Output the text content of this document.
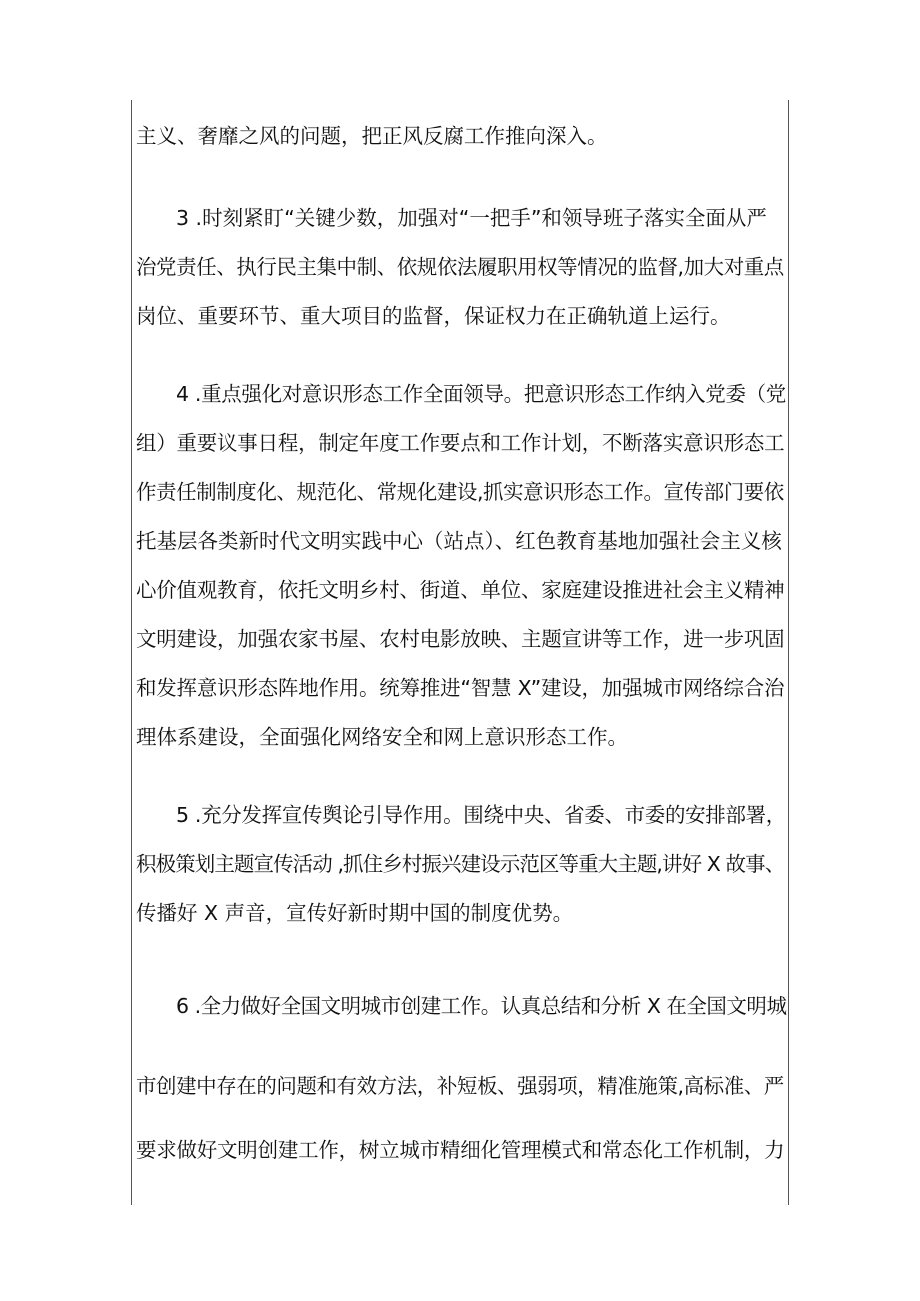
主义、奢靡之风的问题，把正风反腐工作推向深入。
3 .时刻紧盯“关键少数，加强对“一把手”和领导班子落实全面从严
治党责任、执行民主集中制、依规依法履职用权等情况的监督,加大对重点
岗位、重要环节、重大项目的监督，保证权力在正确轨道上运行。
4 .重点强化对意识形态工作全面领导。把意识形态工作纳入党委（党
组）重要议事日程，制定年度工作要点和工作计划，不断落实意识形态工
作责任制制度化、规范化、常规化建设,抓实意识形态工作。宣传部门要依
托基层各类新时代文明实践中心（站点）、红色教育基地加强社会主义核
心价值观教育，依托文明乡村、街道、单位、家庭建设推进社会主义精神
文明建设，加强农家书屋、农村电影放映、主题宣讲等工作，进一步巩固
和发挥意识形态阵地作用。统筹推进“智慧 X”建设，加强城市网络综合治
理体系建设，全面强化网络安全和网上意识形态工作。
5 .充分发挥宣传舆论引导作用。围绕中央、省委、市委的安排部署，
积极策划主题宣传活动 ,抓住乡村振兴建设示范区等重大主题,讲好 X 故事、
传播好 X 声音，宣传好新时期中国的制度优势。
6 .全力做好全国文明城市创建工作。认真总结和分析 X 在全国文明城
市创建中存在的问题和有效方法，补短板、强弱项，精准施策,高标准、严
要求做好文明创建工作，树立城市精细化管理模式和常态化工作机制，力
